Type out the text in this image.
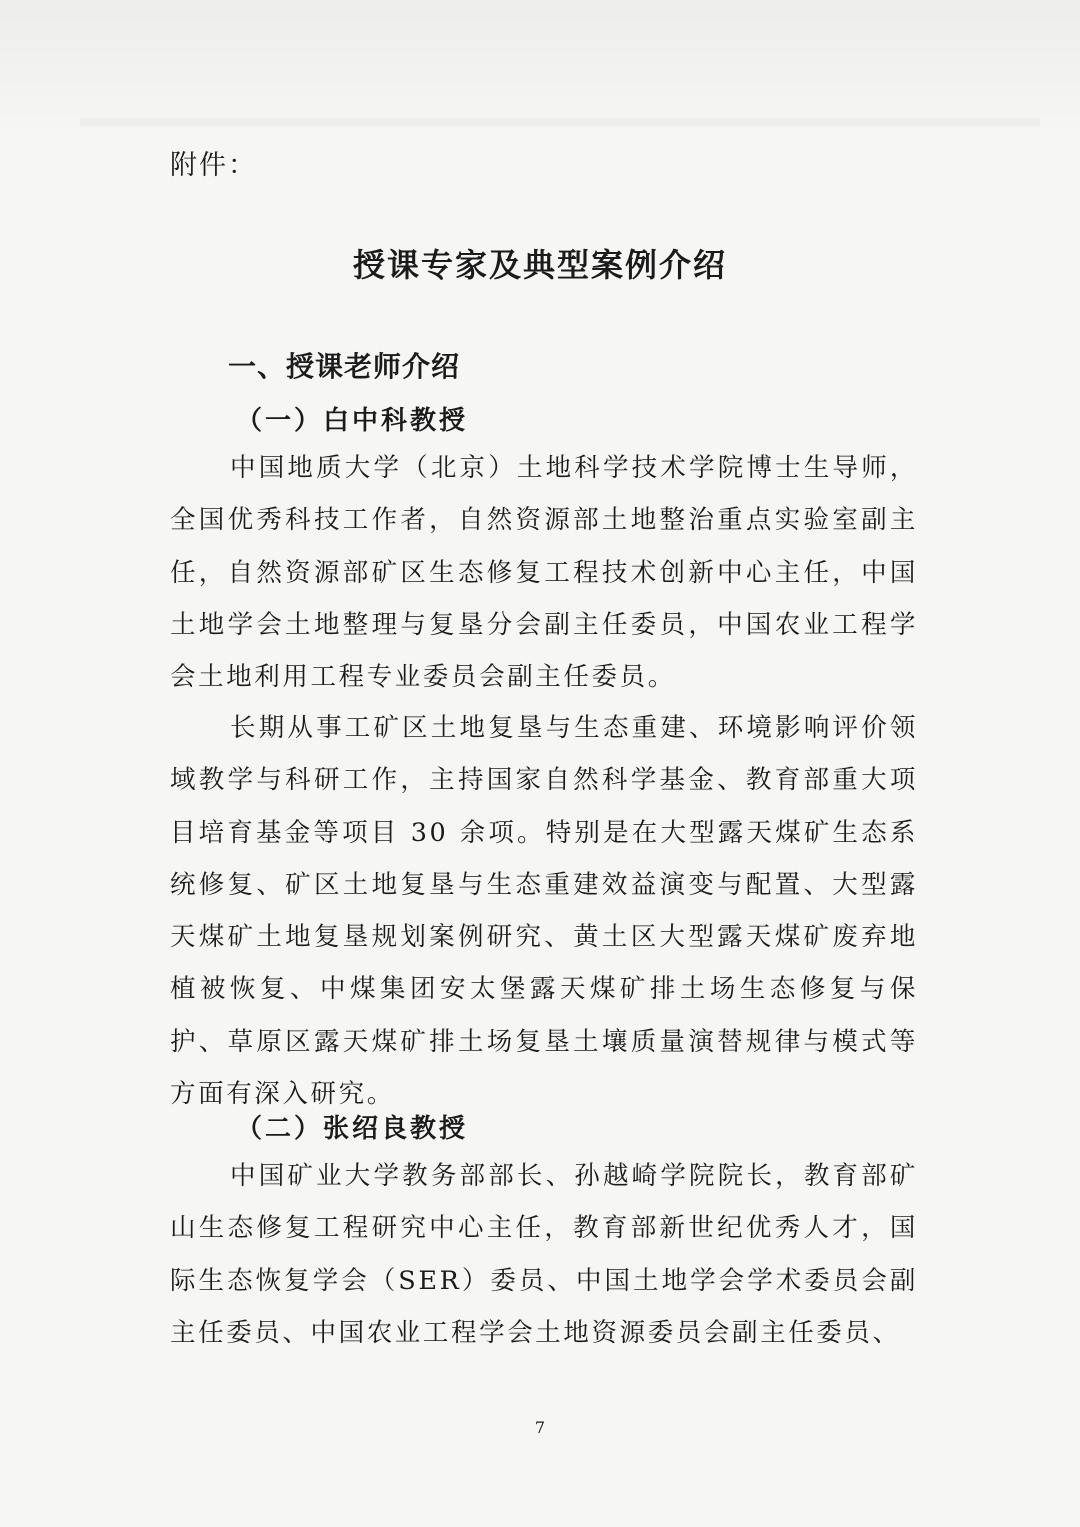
附件：

授课专家及典型案例介绍
一、授课老师介绍
（一）白中科教授

中国地质大学（北京）土地科学技术学院博士生导师，全国优秀科技工作者，自然资源部土地整治重点实验室副主任，自然资源部矿区生态修复工程技术创新中心主任，中国土地学会土地整理与复垦分会副主任委员，中国农业工程学会土地利用工程专业委员会副主任委员。

长期从事工矿区土地复垦与生态重建、环境影响评价领域教学与科研工作，主持国家自然科学基金、教育部重大项目培育基金等项目 30 余项。特别是在大型露天煤矿生态系统修复、矿区土地复垦与生态重建效益演变与配置、大型露天煤矿土地复垦规划案例研究、黄土区大型露天煤矿废弃地植被恢复、中煤集团安太堡露天煤矿排土场生态修复与保护、草原区露天煤矿排土场复垦土壤质量演替规律与模式等方面有深入研究。

（二）张绍良教授

中国矿业大学教务部部长、孙越崎学院院长，教育部矿山生态修复工程研究中心主任，教育部新世纪优秀人才，国际生态恢复学会（SER）委员、中国土地学会学术委员会副主任委员、中国农业工程学会土地资源委员会副主任委员、

7
